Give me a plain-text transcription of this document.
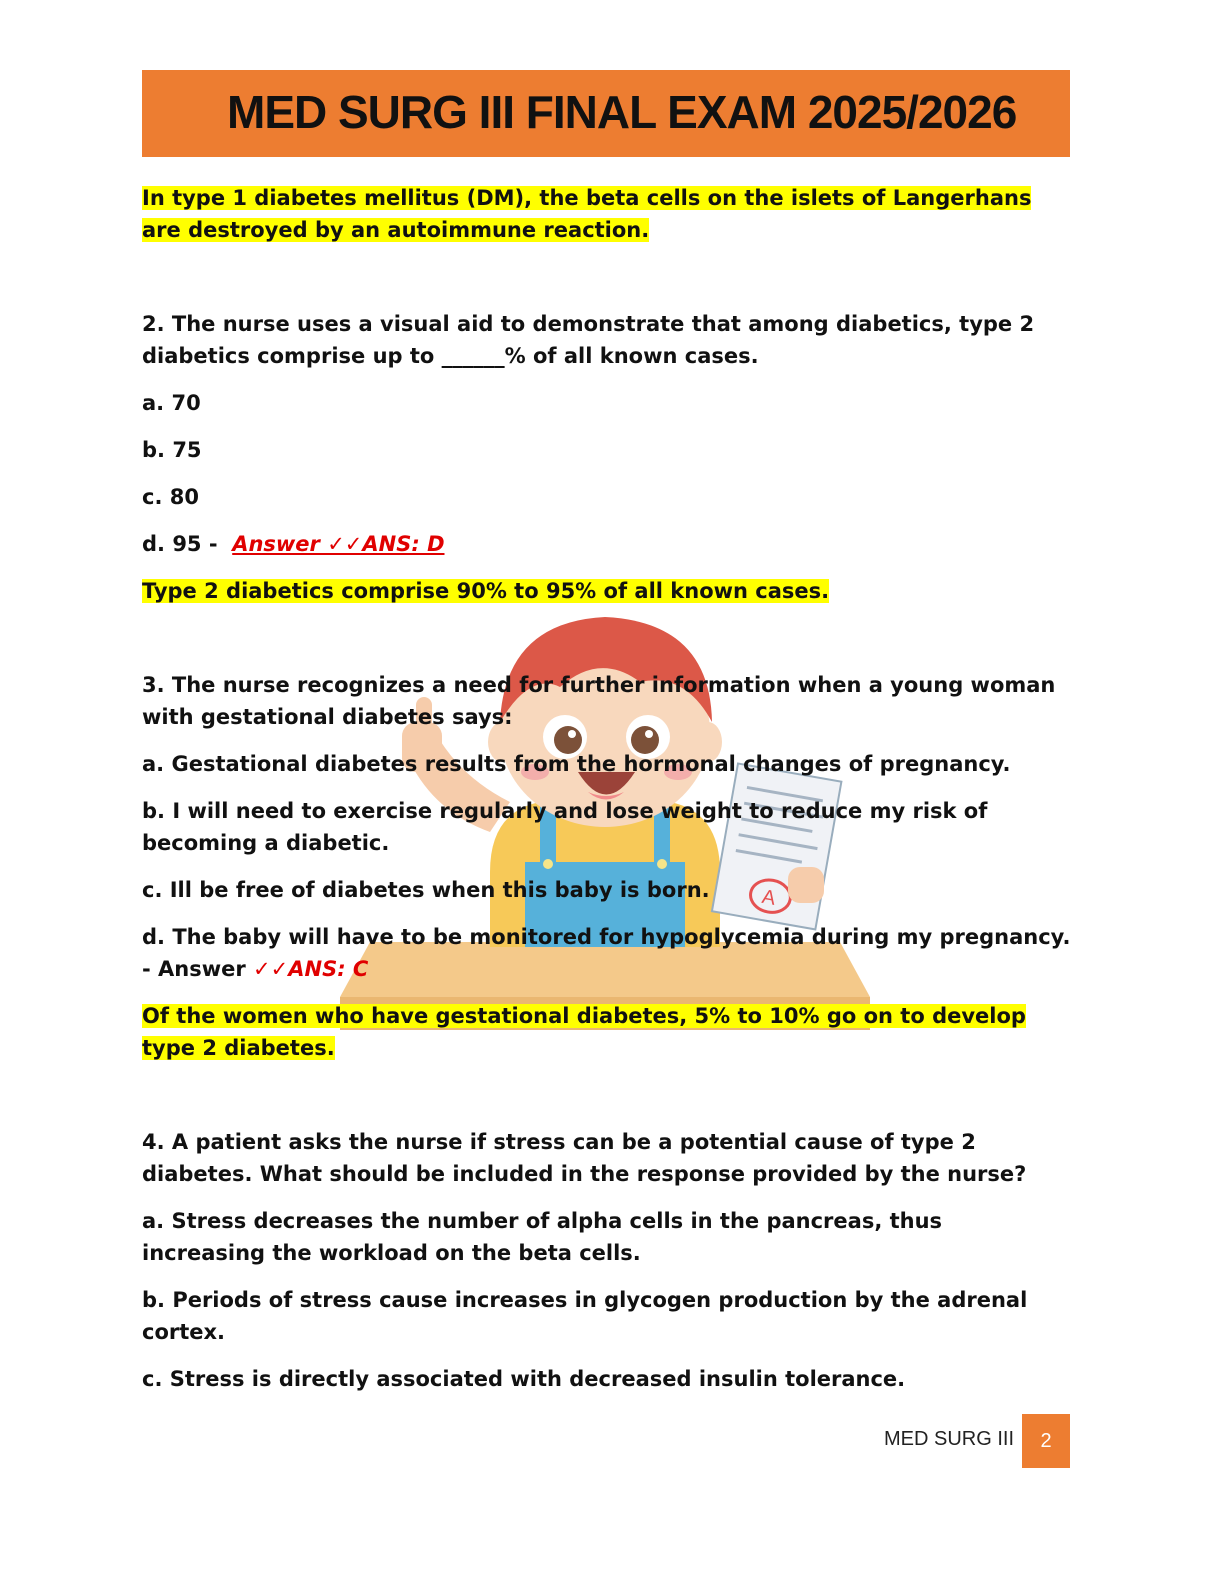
MED SURG III FINAL EXAM 2025/2026
A

In type 1 diabetes mellitus (DM), the beta cells on the islets of Langerhans are destroyed by an autoimmune reaction.

2. The nurse uses a visual aid to demonstrate that among diabetics, type 2 diabetics comprise up to ______% of all known cases.

a. 70

b. 75

c. 80

d. 95 - Answer ✓✓ANS: D

Type 2 diabetics comprise 90% to 95% of all known cases.

3. The nurse recognizes a need for further information when a young woman with gestational diabetes says:

a. Gestational diabetes results from the hormonal changes of pregnancy.

b. I will need to exercise regularly and lose weight to reduce my risk of becoming a diabetic.

c. Ill be free of diabetes when this baby is born.

d. The baby will have to be monitored for hypoglycemia during my pregnancy. - Answer ✓✓ANS: C

Of the women who have gestational diabetes, 5% to 10% go on to develop type 2 diabetes.

4. A patient asks the nurse if stress can be a potential cause of type 2 diabetes. What should be included in the response provided by the nurse?

a. Stress decreases the number of alpha cells in the pancreas, thus increasing the workload on the beta cells.

b. Periods of stress cause increases in glycogen production by the adrenal cortex.

c. Stress is directly associated with decreased insulin tolerance.

MED SURG III	2
